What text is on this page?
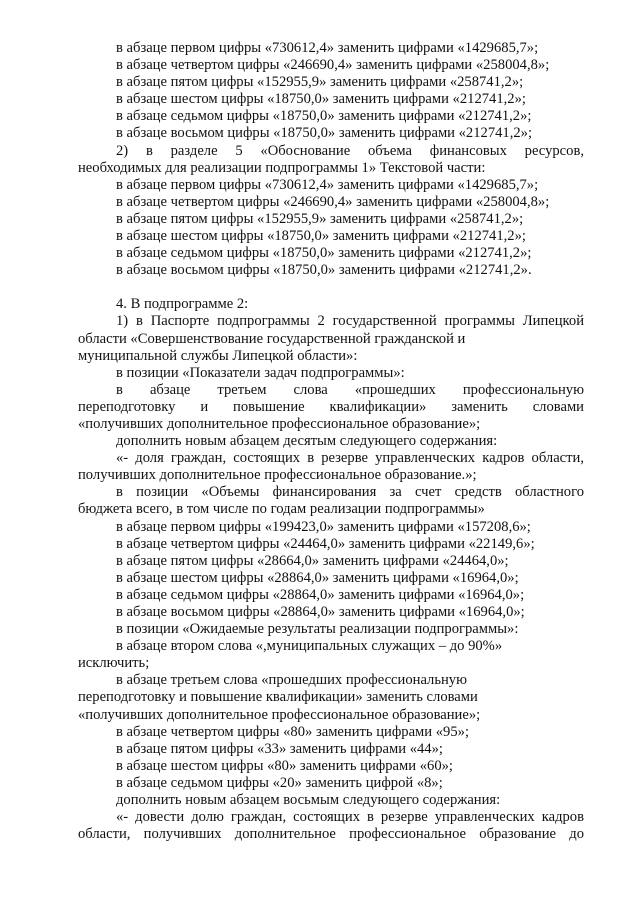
в абзаце первом цифры «730612,4» заменить цифрами «1429685,7»;

в абзаце четвертом цифры «246690,4» заменить цифрами «258004,8»;

в абзаце пятом цифры «152955,9» заменить цифрами «258741,2»;

в абзаце шестом цифры «18750,0» заменить цифрами «212741,2»;

в абзаце седьмом цифры «18750,0» заменить цифрами «212741,2»;

в абзаце восьмом цифры «18750,0» заменить цифрами «212741,2»;

2) в разделе 5 «Обоснование объема финансовых ресурсов,

необходимых для реализации подпрограммы 1» Текстовой части:

в абзаце первом цифры «730612,4» заменить цифрами «1429685,7»;

в абзаце четвертом цифры «246690,4» заменить цифрами «258004,8»;

в абзаце пятом цифры «152955,9» заменить цифрами «258741,2»;

в абзаце шестом цифры «18750,0» заменить цифрами «212741,2»;

в абзаце седьмом цифры «18750,0» заменить цифрами «212741,2»;

в абзаце восьмом цифры «18750,0» заменить цифрами «212741,2».

4. В подпрограмме 2:

1) в Паспорте подпрограммы 2 государственной программы Липецкой

области «Совершенствование государственной гражданской и

муниципальной службы Липецкой области»:

в позиции «Показатели задач подпрограммы»:

в абзаце третьем слова «прошедших профессиональную

переподготовку и повышение квалификации» заменить словами

«получивших дополнительное профессиональное образование»;

дополнить новым абзацем десятым следующего содержания:

«- доля граждан, состоящих в резерве управленческих кадров области,

получивших дополнительное профессиональное образование.»;

в позиции «Объемы финансирования за счет средств областного

бюджета всего, в том числе по годам реализации подпрограммы»

в абзаце первом цифры «199423,0» заменить цифрами «157208,6»;

в абзаце четвертом цифры «24464,0» заменить цифрами «22149,6»;

в абзаце пятом цифры «28664,0» заменить цифрами «24464,0»;

в абзаце шестом цифры «28864,0» заменить цифрами «16964,0»;

в абзаце седьмом цифры «28864,0» заменить цифрами «16964,0»;

в абзаце восьмом цифры «28864,0» заменить цифрами «16964,0»;

в позиции «Ожидаемые результаты реализации подпрограммы»:

в абзаце втором слова «,муниципальных служащих – до 90%»

исключить;

в абзаце третьем слова «прошедших профессиональную

переподготовку и повышение квалификации» заменить словами

«получивших дополнительное профессиональное образование»;

в абзаце четвертом цифры «80» заменить цифрами «95»;

в абзаце пятом цифры «33» заменить цифрами «44»;

в абзаце шестом цифры «80» заменить цифрами «60»;

в абзаце седьмом цифры «20» заменить цифрой «8»;

дополнить новым абзацем восьмым следующего содержания:

«- довести долю граждан, состоящих в резерве управленческих кадров

области, получивших дополнительное профессиональное образование до
